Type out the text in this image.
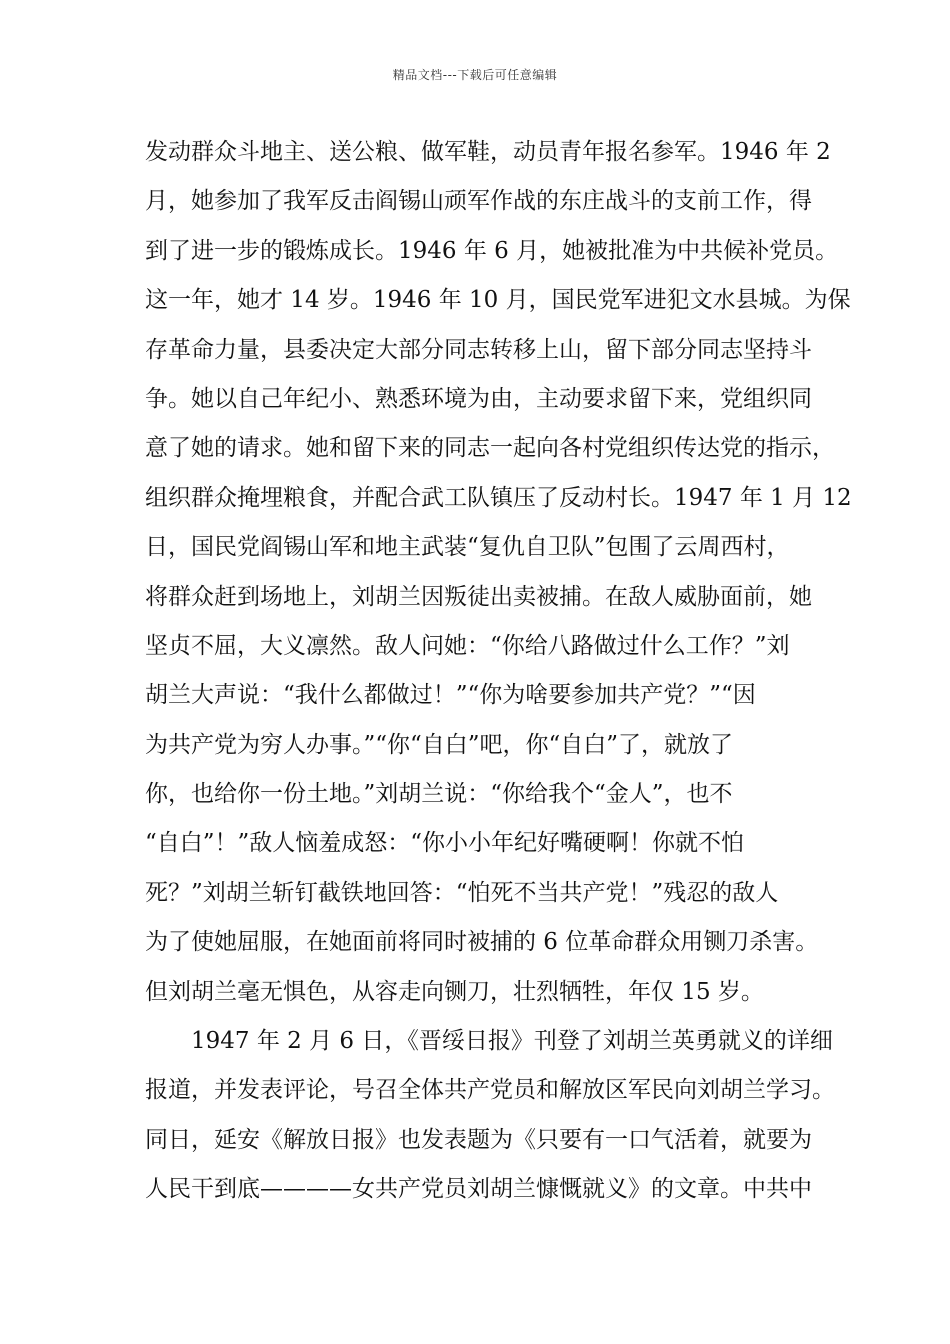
精品文档---下载后可任意编辑
发动群众斗地主、送公粮、做军鞋，动员青年报名参军。1946 年 2
月，她参加了我军反击阎锡山顽军作战的东庄战斗的支前工作，得
到了进一步的锻炼成长。1946 年 6 月，她被批准为中共候补党员。
这一年，她才 14 岁。1946 年 10 月，国民党军进犯文水县城。为保
存革命力量，县委决定大部分同志转移上山，留下部分同志坚持斗
争。她以自己年纪小、熟悉环境为由，主动要求留下来，党组织同
意了她的请求。她和留下来的同志一起向各村党组织传达党的指示，
组织群众掩埋粮食，并配合武工队镇压了反动村长。1947 年 1 月 12
日，国民党阎锡山军和地主武装“复仇自卫队”包围了云周西村，
将群众赶到场地上，刘胡兰因叛徒出卖被捕。在敌人威胁面前，她
坚贞不屈，大义凛然。敌人问她：“你给八路做过什么工作？”刘
胡兰大声说：“我什么都做过！”“你为啥要参加共产党？”“因
为共产党为穷人办事。”“你“自白”吧，你“自白”了，就放了
你，也给你一份土地。”刘胡兰说：“你给我个“金人”，也不
“自白”！”敌人恼羞成怒：“你小小年纪好嘴硬啊！你就不怕
死？”刘胡兰斩钉截铁地回答：“怕死不当共产党！”残忍的敌人
为了使她屈服，在她面前将同时被捕的 6 位革命群众用铡刀杀害。
但刘胡兰毫无惧色，从容走向铡刀，壮烈牺牲，年仅 15 岁。
1947 年 2 月 6 日，《晋绥日报》刊登了刘胡兰英勇就义的详细
报道，并发表评论，号召全体共产党员和解放区军民向刘胡兰学习。
同日，延安《解放日报》也发表题为《只要有一口气活着，就要为
人民干到底————女共产党员刘胡兰慷慨就义》的文章。中共中
